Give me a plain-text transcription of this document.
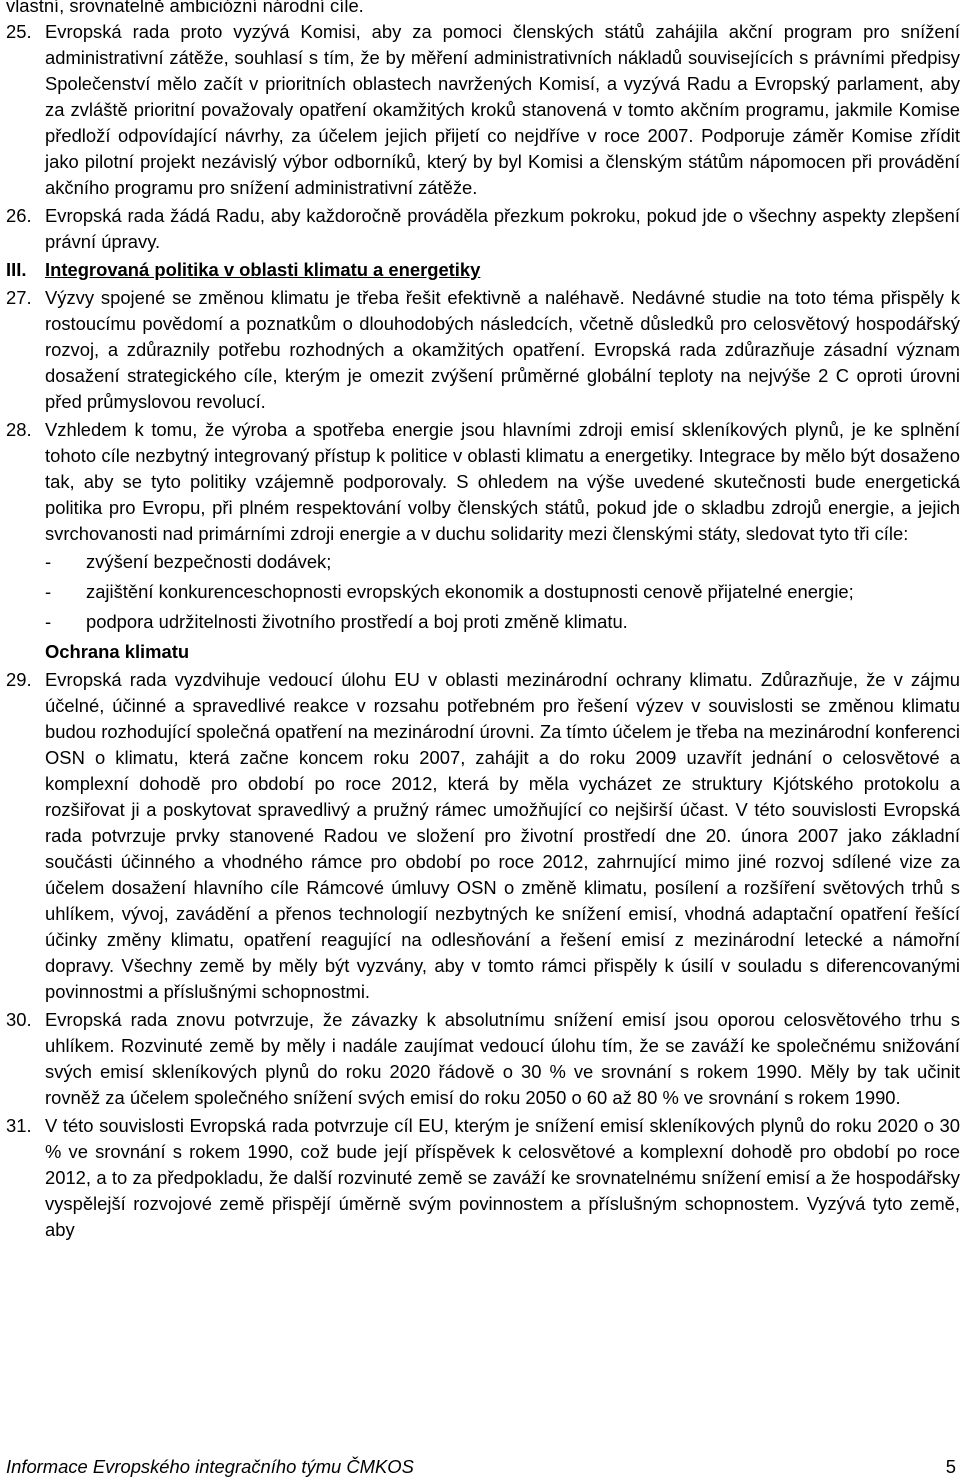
vlastní, srovnatelně ambiciózní národní cíle.
25. Evropská rada proto vyzývá Komisi, aby za pomoci členských států zahájila akční program pro snížení administrativní zátěže, souhlasí s tím, že by měření administrativních nákladů souvisejících s právními předpisy Společenství mělo začít v prioritních oblastech navržených Komisí, a vyzývá Radu a Evropský parlament, aby za zvláště prioritní považovaly opatření okamžitých kroků stanovená v tomto akčním programu, jakmile Komise předloží odpovídající návrhy, za účelem jejich přijetí co nejdříve v roce 2007. Podporuje záměr Komise zřídit jako pilotní projekt nezávislý výbor odborníků, který by byl Komisi a členským státům nápomocen při provádění akčního programu pro snížení administrativní zátěže.
26. Evropská rada žádá Radu, aby každoročně prováděla přezkum pokroku, pokud jde o všechny aspekty zlepšení právní úpravy.
III. Integrovaná politika v oblasti klimatu a energetiky
27. Výzvy spojené se změnou klimatu je třeba řešit efektivně a naléhavě. Nedávné studie na toto téma přispěly k rostoucímu povědomí a poznatkům o dlouhodobých následcích, včetně důsledků pro celosvětový hospodářský rozvoj, a zdůraznily potřebu rozhodných a okamžitých opatření. Evropská rada zdůrazňuje zásadní význam dosažení strategického cíle, kterým je omezit zvýšení průměrné globální teploty na nejvýše 2 C oproti úrovni před průmyslovou revolucí.
28. Vzhledem k tomu, že výroba a spotřeba energie jsou hlavními zdroji emisí skleníkových plynů, je ke splnění tohoto cíle nezbytný integrovaný přístup k politice v oblasti klimatu a energetiky. Integrace by mělo být dosaženo tak, aby se tyto politiky vzájemně podporovaly. S ohledem na výše uvedené skutečnosti bude energetická politika pro Evropu, při plném respektování volby členských států, pokud jde o skladbu zdrojů energie, a jejich svrchovanosti nad primárními zdroji energie a v duchu solidarity mezi členskými státy, sledovat tyto tři cíle:
- zvýšení bezpečnosti dodávek;
- zajištění konkurenceschopnosti evropských ekonomik a dostupnosti cenově přijatelné energie;
- podpora udržitelnosti životního prostředí a boj proti změně klimatu.
Ochrana klimatu
29. Evropská rada vyzdvihuje vedoucí úlohu EU v oblasti mezinárodní ochrany klimatu. Zdůrazňuje, že v zájmu účelné, účinné a spravedlivé reakce v rozsahu potřebném pro řešení výzev v souvislosti se změnou klimatu budou rozhodující společná opatření na mezinárodní úrovni. Za tímto účelem je třeba na mezinárodní konferenci OSN o klimatu, která začne koncem roku 2007, zahájit a do roku 2009 uzavřít jednání o celosvětové a komplexní dohodě pro období po roce 2012, která by měla vycházet ze struktury Kjótského protokolu a rozšiřovat ji a poskytovat spravedlivý a pružný rámec umožňující co nejširší účast. V této souvislosti Evropská rada potvrzuje prvky stanovené Radou ve složení pro životní prostředí dne 20. února 2007 jako základní součásti účinného a vhodného rámce pro období po roce 2012, zahrnující mimo jiné rozvoj sdílené vize za účelem dosažení hlavního cíle Rámcové úmluvy OSN o změně klimatu, posílení a rozšíření světových trhů s uhlíkem, vývoj, zavádění a přenos technologií nezbytných ke snížení emisí, vhodná adaptační opatření řešící účinky změny klimatu, opatření reagující na odlesňování a řešení emisí z mezinárodní letecké a námořní dopravy. Všechny země by měly být vyzvány, aby v tomto rámci přispěly k úsilí v souladu s diferencovanými povinnostmi a příslušnými schopnostmi.
30. Evropská rada znovu potvrzuje, že závazky k absolutnímu snížení emisí jsou oporou celosvětového trhu s uhlíkem. Rozvinuté země by měly i nadále zaujímat vedoucí úlohu tím, že se zaváží ke společnému snižování svých emisí skleníkových plynů do roku 2020 řádově o 30 % ve srovnání s rokem 1990. Měly by tak učinit rovněž za účelem společného snížení svých emisí do roku 2050 o 60 až 80 % ve srovnání s rokem 1990.
31. V této souvislosti Evropská rada potvrzuje cíl EU, kterým je snížení emisí skleníkových plynů do roku 2020 o 30 % ve srovnání s rokem 1990, což bude její příspěvek k celosvětové a komplexní dohodě pro období po roce 2012, a to za předpokladu, že další rozvinuté země se zaváží ke srovnatelnému snížení emisí a že hospodářsky vyspělejší rozvojové země přispějí úměrně svým povinnostem a příslušným schopnostem. Vyzývá tyto země, aby
Informace Evropského integračního týmu ČMKOS	5
